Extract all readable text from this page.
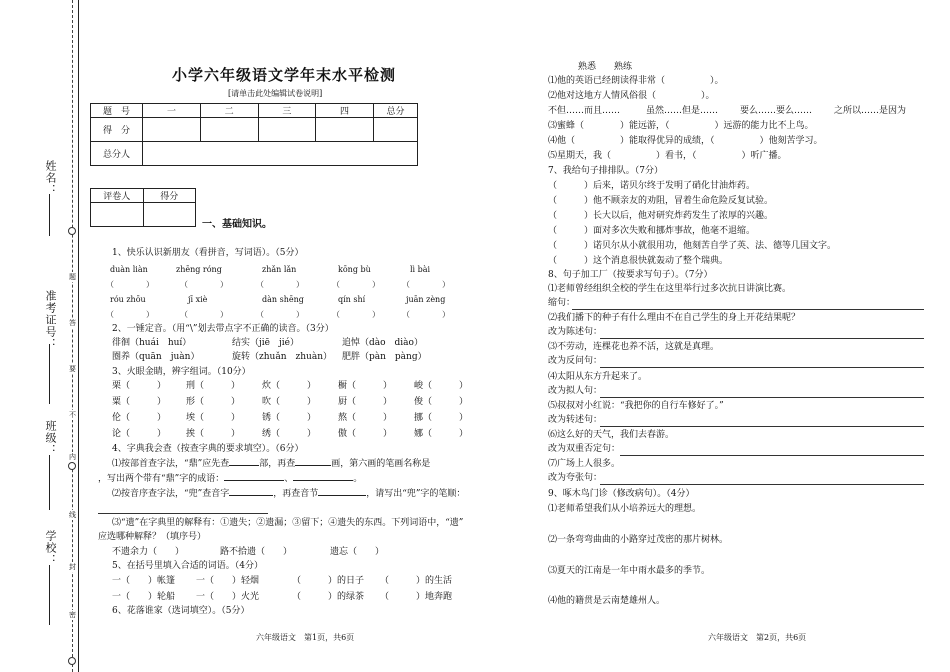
姓名：
准考证号：
班级：
学校：
题
答
要
不
内
线
封
密
小学六年级语文学年末水平检测
[请单击此处编辑试卷说明]
题　号	一	二	三	四	总分
得　分					
总分人					
评卷人	得分

一、基础知识。
1、快乐认识新朋友（看拼音，写词语）。（5分）
duàn liàn	zhēng róng	zhǎn lǎn	kōng bù	lì bài
（　　　　）	（　　　　）	（　　　　）	（　　　　）	（　　　　）
róu zhōu	jī xiè	dàn shēng	qín shí	juān zèng
（　　　　）	（　　　　）	（　　　　）	（　　　　）	（　　　　）
2、一锤定音。（用“\”划去带点字不正确的读音。（3分）
徘徊（huái　huí）	结实（jiē　jié）	追悼（dào　diào）
圈养（quān　juàn）	旋转（zhuǎn　zhuàn） 肥胖（pàn　pàng）
3、火眼金睛，辨字组词。（10分）
栗（　　　） 刑（　　　） 炊（　　　） 橱（　　　） 峻（　　　）
粟（　　　） 形（　　　） 吹（　　　） 厨（　　　） 俊（　　　）
伦（　　　） 埃（　　　） 锈（　　　） 熬（　　　） 挪（　　　）
论（　　　） 挨（　　　） 绣（　　　） 傲（　　　） 娜（　　　）
4、字典我会查（按查字典的要求填空）。（6分）
⑴按部首查字法，“鼎”应先查	部，再查	画，第六画的笔画名称是
，写出两个带有“鼎”字的成语：	、	。
⑵按音序查字法，“兜”查音字	，再查音节	，请写出“兜”字的笔顺：
⑶“遗”在字典里的解释有：①遗失；②遗漏；③留下；④遗失的东西。下列词语中，“遗”
应选哪种解释？（填序号）
不遗余力（　　）	路不拾遗（　　）	遗忘（　　）
5、在括号里填入合适的词语。（4分）
一（　　）帐篷 一（　　）轻烟	（　　　）的日子 （　　　）的生活
一（　　）轮船 一（　　）火光	（　　　）的绿茶 （　　　）地奔跑
6、花落谁家（选词填空）。（5分）
六年级语文　第1页，共6页
熟悉　　熟练
⑴他的英语已经朗读得非常（　　　　　）。
⑵他对这地方人情风俗很（　　　　　）。
不但……而且……	虽然……但是…… 要么……要么…… 之所以……是因为
⑶蜜蜂（　　　　）能远游，（　　　　　）远游的能力比不上鸟。
⑷他（　　　　　）能取得优异的成绩，（　　　　　）他刻苦学习。
⑸星期天，我（　　　　　）看书，（　　　　　）听广播。
7、我给句子排排队。（7分）
（　　　）后来，诺贝尔终于发明了硝化甘油炸药。
（　　　）他不顾亲友的劝阻，冒着生命危险反复试验。
（　　　）长大以后，他对研究炸药发生了浓厚的兴趣。
（　　　）面对多次失败和挪炸事故，他毫不退缩。
（　　　）诺贝尔从小就很用功，他刻苦自学了英、法、德等几国文字。
（　　　）这个消息很快就轰动了整个瑞典。
8、句子加工厂（按要求写句子）。（7分）
⑴老师曾经组织全校的学生在这里举行过多次抗日讲演比赛。
缩句：
⑵我们播下的种子有什么理由不在自己学生的身上开花结果呢？
改为陈述句：
⑶不劳动，连棵花也养不活，这就是真理。
改为反问句：
⑷太阳从东方升起来了。
改为拟人句：
⑸叔叔对小红说：“我把你的自行车修好了。”
改为转述句：
⑹这么好的天气，我们去春游。
改为双重否定句：
⑺广场上人很多。
改为夸张句：
9、啄木鸟门诊（修改病句）。（4分）
⑴老师希望我们从小培养远大的理想。
⑵一条弯弯曲曲的小路穿过茂密的那片树林。
⑶夏天的江南是一年中雨水最多的季节。
⑷他的籍贯是云南楚雄州人。
六年级语文　第2页，共6页
